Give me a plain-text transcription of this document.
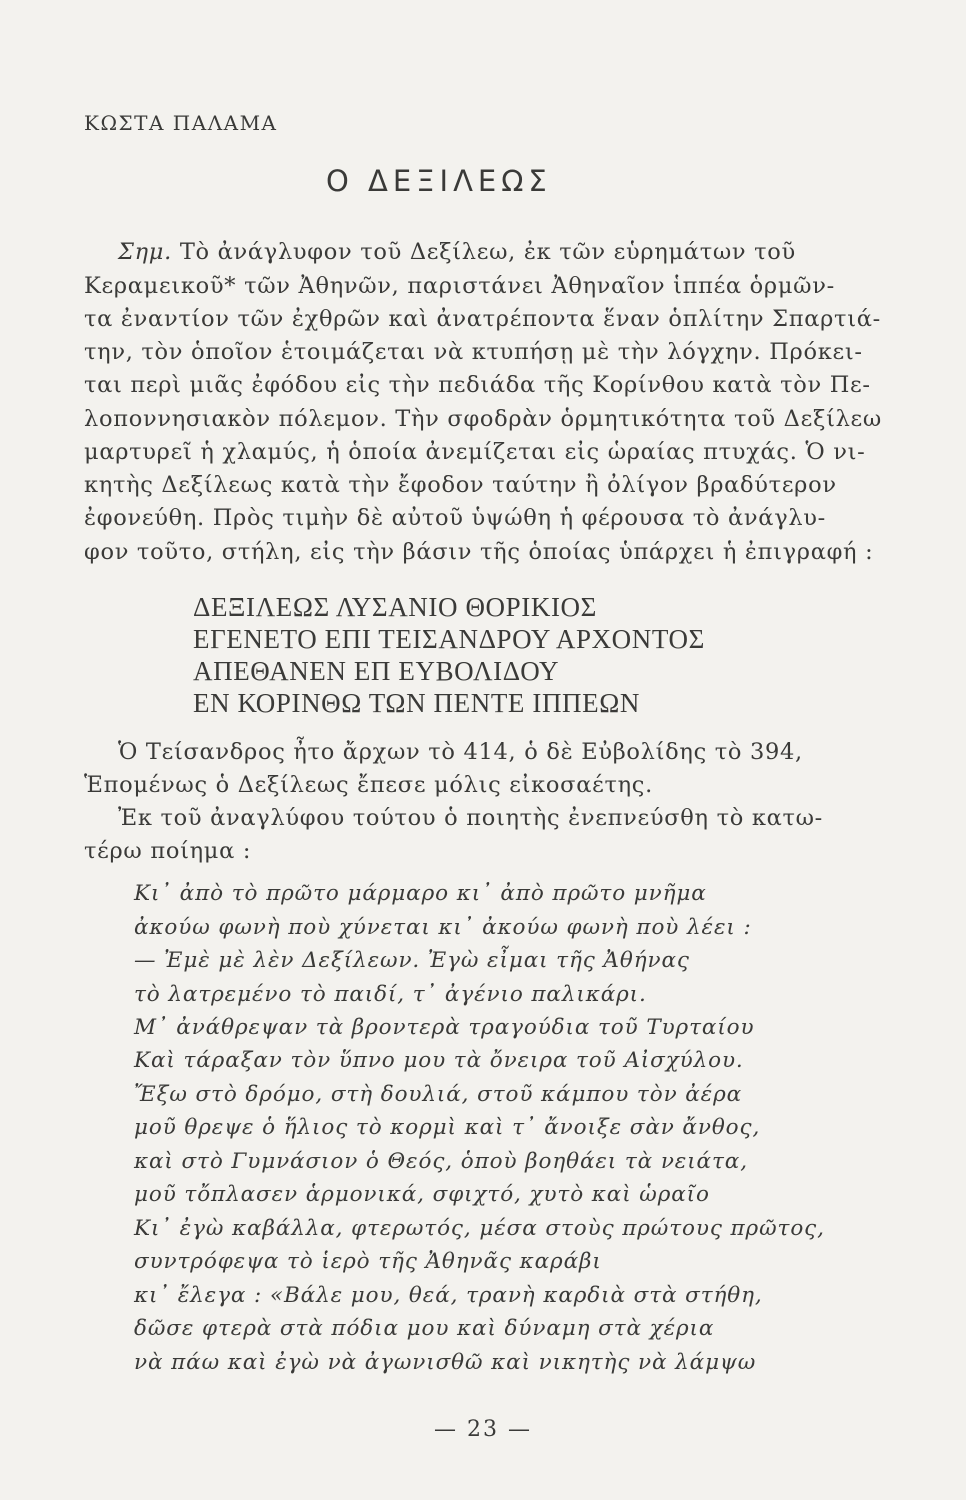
ΚΩΣΤΑ ΠΑΛΑΜΑ
Ο ΔΕΞΙΛΕΩΣ
Σημ. Τὸ ἀνάγλυφον τοῦ Δεξίλεω, ἐκ τῶν εὑρημάτων τοῦ
Κεραμεικοῦ* τῶν Ἀθηνῶν, παριστάνει Ἀθηναῖον ἱππέα ὁρμῶν-
τα ἐναντίον τῶν ἐχθρῶν καὶ ἀνατρέποντα ἕναν ὁπλίτην Σπαρτιά-
την, τὸν ὁποῖον ἑτοιμάζεται νὰ κτυπήσῃ μὲ τὴν λόγχην. Πρόκει-
ται περὶ μιᾶς ἐφόδου εἰς τὴν πεδιάδα τῆς Κορίνθου κατὰ τὸν Πε-
λοποννησιακὸν πόλεμον. Τὴν σφοδρὰν ὁρμητικότητα τοῦ Δεξίλεω
μαρτυρεῖ ἡ χλαμύς, ἡ ὁποία ἀνεμίζεται εἰς ὡραίας πτυχάς. Ὁ νι-
κητὴς Δεξίλεως κατὰ τὴν ἔφοδον ταύτην ἢ ὀλίγον βραδύτερον
ἐφονεύθη. Πρὸς τιμὴν δὲ αὐτοῦ ὑψώθη ἡ φέρουσα τὸ ἀνάγλυ-
φον τοῦτο, στήλη, εἰς τὴν βάσιν τῆς ὁποίας ὑπάρχει ἡ ἐπιγραφή :
ΔΕΞΙΛΕΩΣ ΛΥΣΑΝΙΟ ΘΟΡΙΚΙΟΣ
ΕΓΕΝΕΤΟ ΕΠΙ ΤΕΙΣΑΝΔΡΟΥ ΑΡΧΟΝΤΟΣ
ΑΠΕΘΑΝΕΝ ΕΠ ΕΥΒΟΛΙΔΟΥ
ΕΝ ΚΟΡΙΝΘΩ ΤΩΝ ΠΕΝΤΕ ΙΠΠΕΩΝ
Ὁ Τείσανδρος ἦτο ἄρχων τὸ 414, ὁ δὲ Εὐβολίδης τὸ 394,
Ἑπομένως ὁ Δεξίλεως ἔπεσε μόλις εἰκοσαέτης.
Ἐκ τοῦ ἀναγλύφου τούτου ὁ ποιητὴς ἐνεπνεύσθη τὸ κατω-
τέρω ποίημα :
Κι᾽ ἀπὸ τὸ πρῶτο μάρμαρο κι᾽ ἀπὸ πρῶτο μνῆμα
ἀκούω φωνὴ ποὺ χύνεται κι᾽ ἀκούω φωνὴ ποὺ λέει :
— Ἐμὲ μὲ λὲν Δεξίλεων. Ἐγὼ εἶμαι τῆς Ἀθήνας
τὸ λατρεμένο τὸ παιδί, τ᾽ ἀγένιο παλικάρι.
Μ᾽ ἀνάθρεψαν τὰ βροντερὰ τραγούδια τοῦ Τυρταίου
Καὶ τάραξαν τὸν ὕπνο μου τὰ ὄνειρα τοῦ Αἰσχύλου.
Ἔξω στὸ δρόμο, στὴ δουλιά, στοῦ κάμπου τὸν ἀέρα
μοῦ θρεψε ὁ ἥλιος τὸ κορμὶ καὶ τ᾽ ἄνοιξε σὰν ἄνθος,
καὶ στὸ Γυμνάσιον ὁ Θεός, ὁποὺ βοηθάει τὰ νειάτα,
μοῦ τὄπλασεν ἁρμονικά, σφιχτό, χυτὸ καὶ ὡραῖο
Κι᾽ ἐγὼ καβάλλα, φτερωτός, μέσα στοὺς πρώτους πρῶτος,
συντρόφεψα τὸ ἱερὸ τῆς Ἀθηνᾶς καράβι
κι᾽ ἔλεγα : «Βάλε μου, θεά, τρανὴ καρδιὰ στὰ στήθη,
δῶσε φτερὰ στὰ πόδια μου καὶ δύναμη στὰ χέρια
νὰ πάω καὶ ἐγὼ νὰ ἀγωνισθῶ καὶ νικητὴς νὰ λάμψω
— 23 —
